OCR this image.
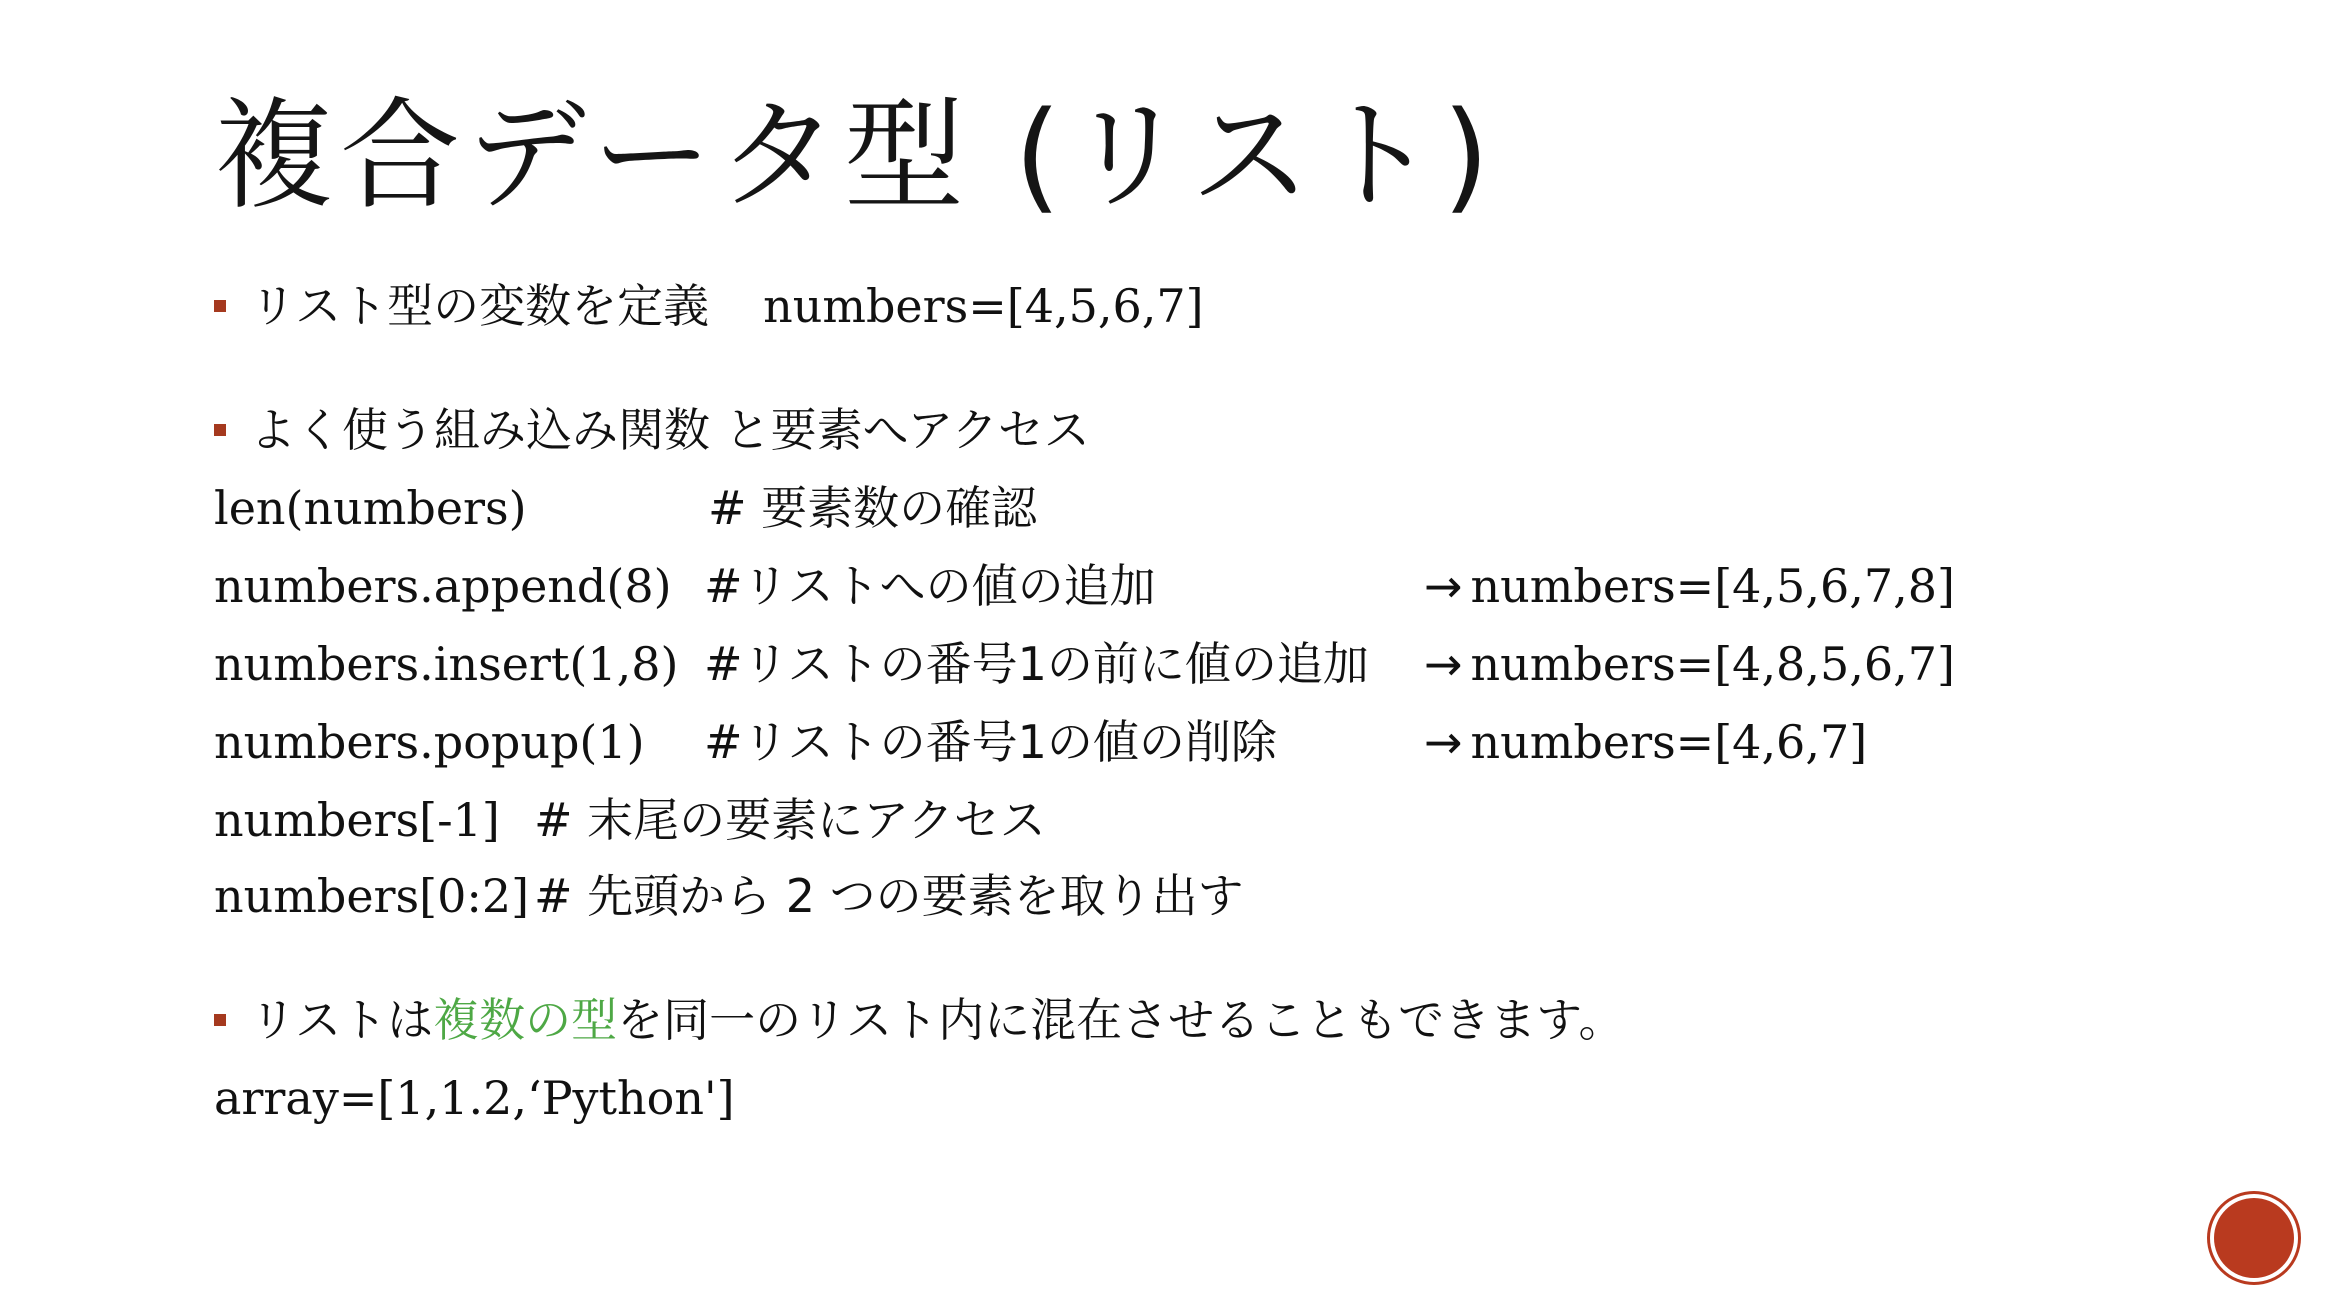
複合データ型 (リスト)
リスト型の変数を定義 numbers=[4,5,6,7]
よく使う組み込み関数 と要素へアクセス
len(numbers)	# 要素数の確認
numbers.append(8) #リストへの値の追加	→ numbers=[4,5,6,7,8]
numbers.insert(1,8) #リストの番号1の前に値の追加 → numbers=[4,8,5,6,7]
numbers.popup(1) #リストの番号1の値の削除	→ numbers=[4,6,7]
numbers[-1] # 末尾の要素にアクセス
numbers[0:2] # 先頭から 2 つの要素を取り出す
リストは複数の型を同一のリスト内に混在させることもできます。
array=[1,1.2,‘Python']
